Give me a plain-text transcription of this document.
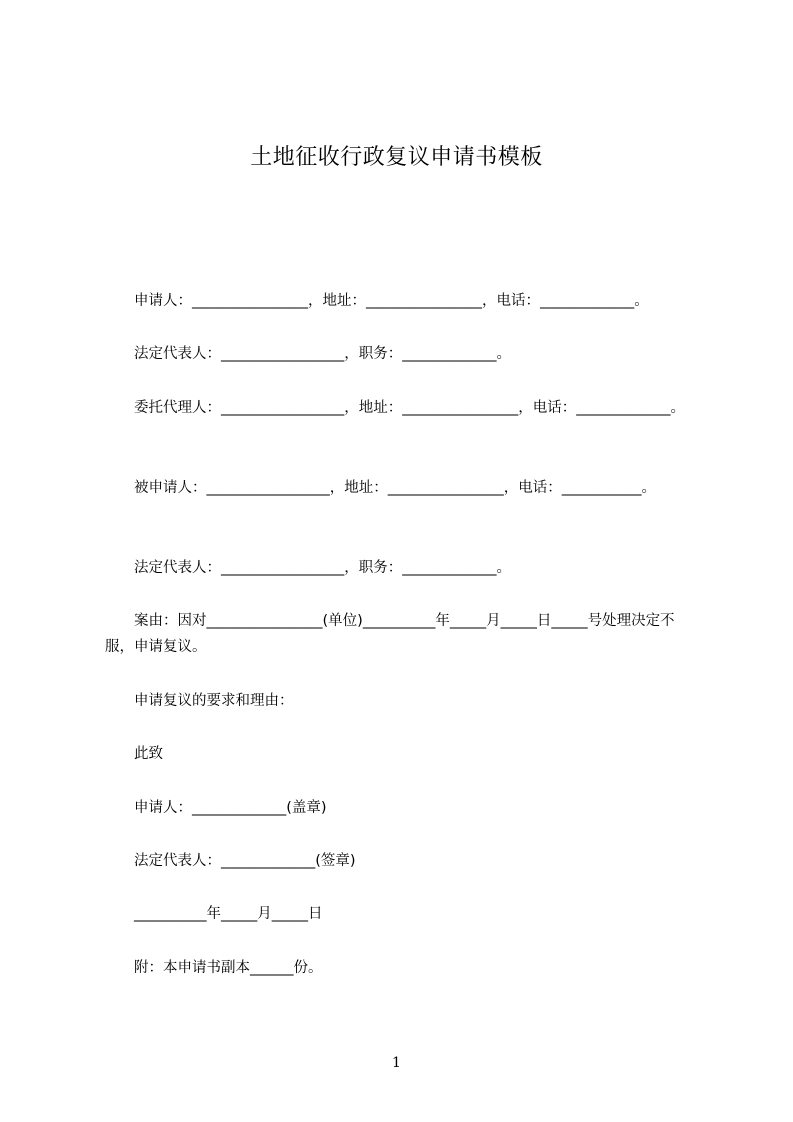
土地征收行政复议申请书模板
　　申请人：________________，地址：________________，电话：_____________。
　　法定代表人：_________________，职务：_____________。
　　委托代理人：_________________，地址：________________，电话：_____________。
　　被申请人：_________________，地址：________________，电话：___________。
　　法定代表人：_________________，职务：_____________。
　　案由：因对________________(单位)__________年_____月_____日_____号处理决定不服，申请复议。
　　申请复议的要求和理由：
　　此致
　　申请人：_____________(盖章)
　　法定代表人：_____________(签章)
　　__________年_____月_____日
　　附：本申请书副本______份。
1
